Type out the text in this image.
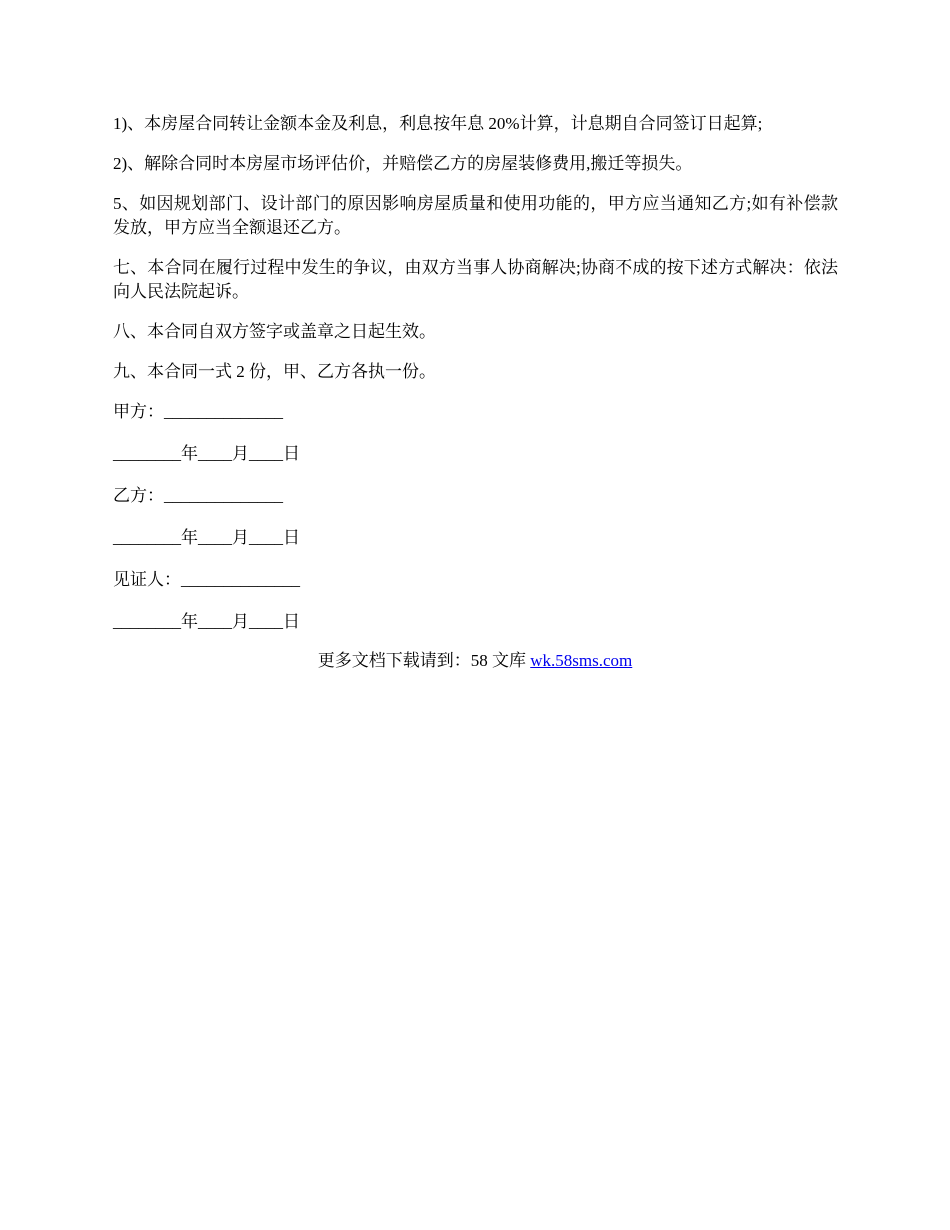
1)、本房屋合同转让金额本金及利息，利息按年息 20%计算，计息期自合同签订日起算;

2)、解除合同时本房屋市场评估价，并赔偿乙方的房屋装修费用,搬迁等损失。

5、如因规划部门、设计部门的原因影响房屋质量和使用功能的，甲方应当通知乙方;如有补偿款发放，甲方应当全额退还乙方。

七、本合同在履行过程中发生的争议，由双方当事人协商解决;协商不成的按下述方式解决：依法向人民法院起诉。

八、本合同自双方签字或盖章之日起生效。

九、本合同一式 2 份，甲、乙方各执一份。

甲方：______________
________年____月____日
乙方：______________
________年____月____日
见证人：______________
________年____月____日
更多文档下载请到：58 文库 wk.58sms.com
